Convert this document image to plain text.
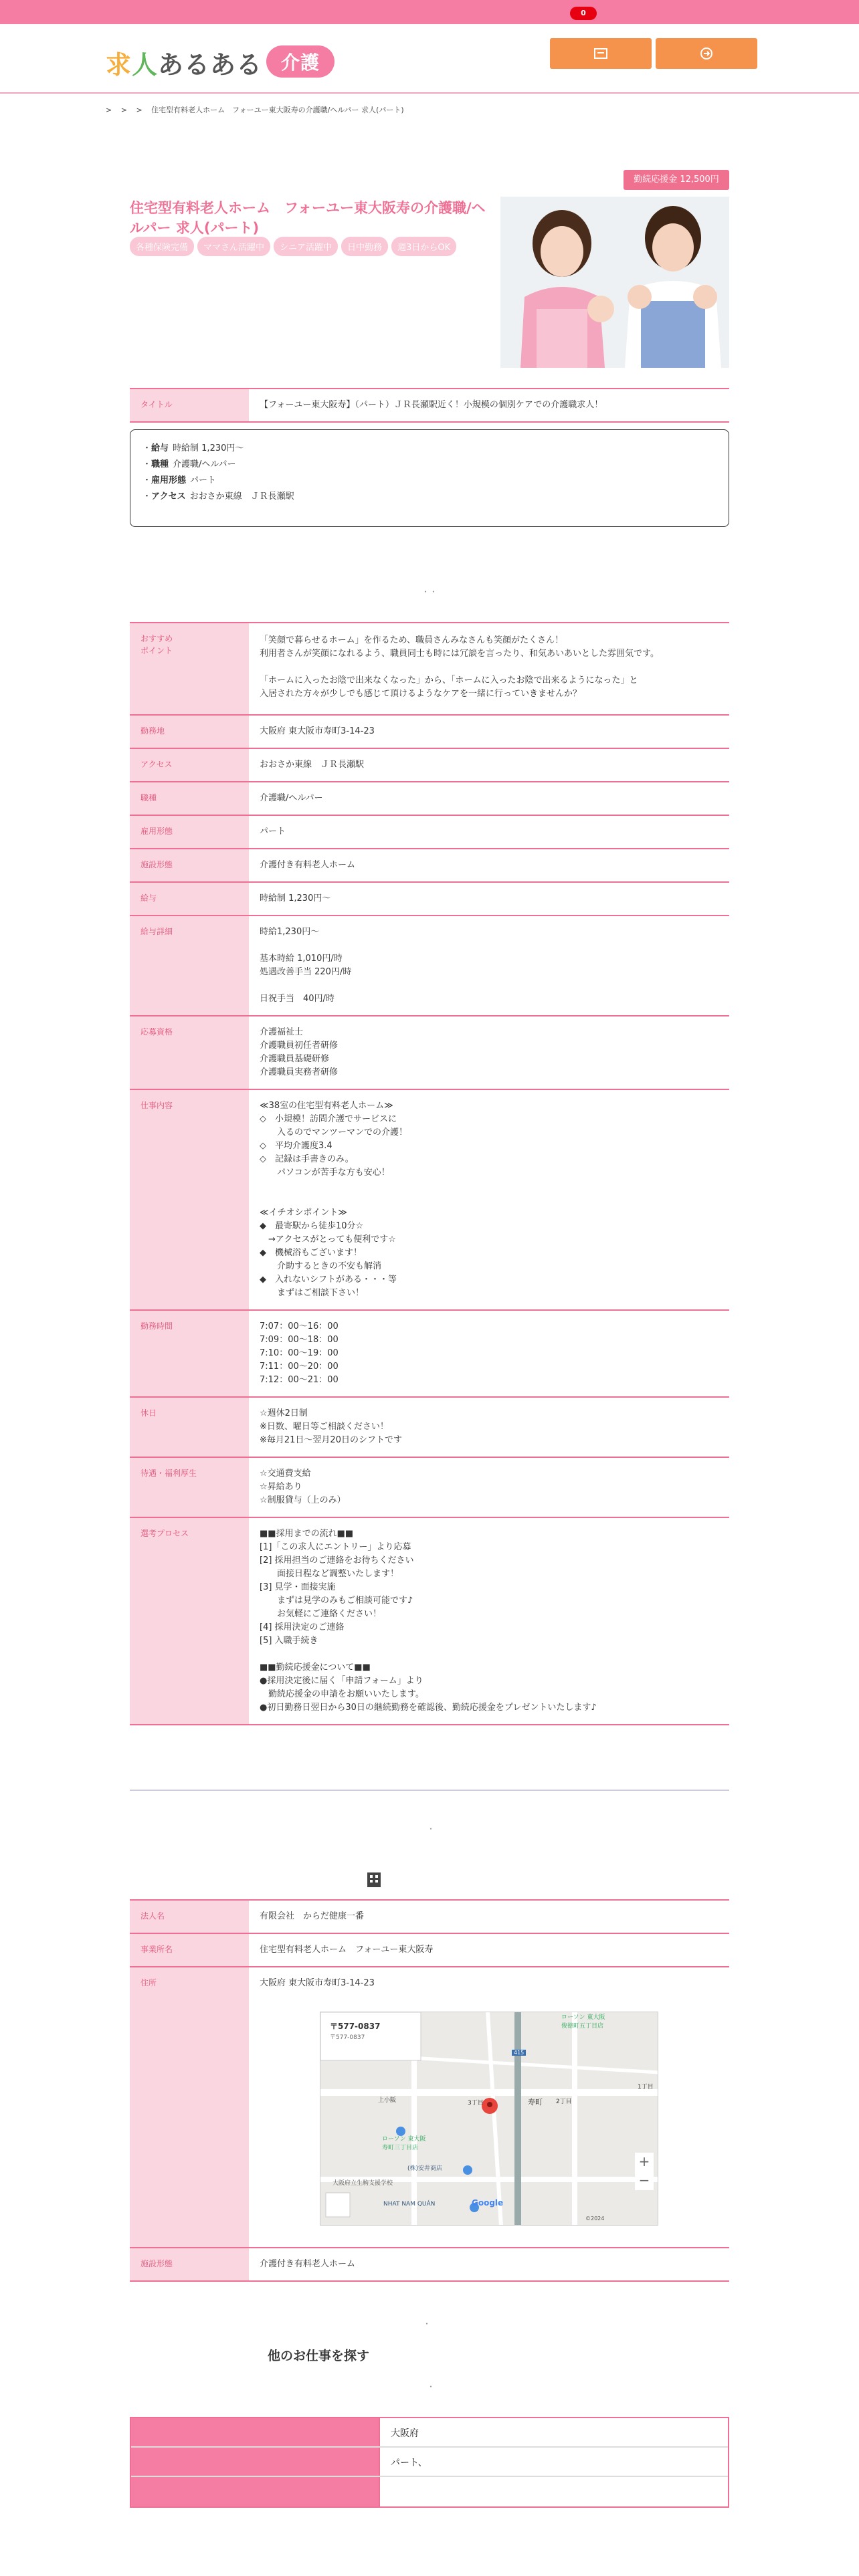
0
求人あるある 介護
> > > 住宅型有料老人ホーム　フォーユー東大阪寿の介護職/ヘルパー 求人(パート)
勤続応援金 12,500円
住宅型有料老人ホーム　フォーユー東大阪寿の介護職/ヘルパー 求人(パート)
各種保険完備 ママさん活躍中 シニア活躍中 日中勤務 週3日からOK
タイトル	【フォーユー東大阪寿】（パート）ＪＲ長瀬駅近く！小規模の個別ケアでの介護職求人！
・給与 時給制 1,230円～
・職種 介護職/ヘルパー
・雇用形態 パート
・アクセス おおさか東線　ＪＲ長瀬駅
・・
おすすめ
ポイント
「笑顔で暮らせるホーム」を作るため、職員さんみなさんも笑顔がたくさん！
利用者さんが笑顔になれるよう、職員同士も時には冗談を言ったり、和気あいあいとした雰囲気です。

「ホームに入ったお陰で出来なくなった」から、「ホームに入ったお陰で出来るようになった」と
入居された方々が少しでも感じて頂けるようなケアを一緒に行っていきませんか？
勤務地	大阪府 東大阪市寿町3-14-23
アクセス	おおさか東線　ＪＲ長瀬駅
職種	介護職/ヘルパー
雇用形態	パート
施設形態	介護付き有料老人ホーム
給与	時給制 1,230円～
給与詳細	時給1,230円～

基本時給 1,010円/時
処遇改善手当 220円/時

日祝手当　40円/時
応募資格	介護福祉士
介護職員初任者研修
介護職員基礎研修
介護職員実務者研修
仕事内容	≪38室の住宅型有料老人ホーム≫
◇　小規模！訪問介護でサービスに
　　入るのでマンツーマンでの介護！
◇　平均介護度3.4
◇　記録は手書きのみ。
　　パソコンが苦手な方も安心！

≪イチオシポイント≫
◆　最寄駅から徒歩10分☆
　→アクセスがとっても便利です☆
◆　機械浴もございます！
　　介助するときの不安も解消
◆　入れないシフトがある・・・等
　　まずはご相談下さい！
勤務時間	7:07：00～16：00
7:09：00～18：00
7:10：00～19：00
7:11：00～20：00
7:12：00～21：00
休日	☆週休2日制
※日数、曜日等ご相談ください！
※毎月21日～翌月20日のシフトです
待遇・福利厚生	☆交通費支給
☆昇給あり
☆制服貸与（上のみ）
選考プロセス	■■採用までの流れ■■
[1]「この求人にエントリー」より応募
[2] 採用担当のご連絡をお待ちください
　　面接日程など調整いたします！
[3] 見学・面接実施
　　まずは見学のみもご相談可能です♪
　　お気軽にご連絡ください！
[4] 採用決定のご連絡
[5] 入職手続き

■■勤続応援金について■■
●採用決定後に届く「申請フォーム」より
　勤続応援金の申請をお願いいたします。
●初日勤務日翌日から30日の継続勤務を確認後、勤続応援金をプレゼントいたします♪
・
法人名	有限会社　からだ健康一番
事業所名	住宅型有料老人ホーム　フォーユー東大阪寿
住所	大阪府 東大阪市寿町3-14-23
施設形態	介護付き有料老人ホーム
+
−
〒577-0837
〒577-0837
ローソン 東大阪
俊徳町五丁目店
ローソン 東大阪
寿町三丁目店
寿町
3丁目	2丁目
1丁目
上小阪
大阪府立生駒支援学校
(株)安井商店
NHAT NAM QUÁN	Google
©2024
415
・
他のお仕事を探す
・
大阪府
パート、
